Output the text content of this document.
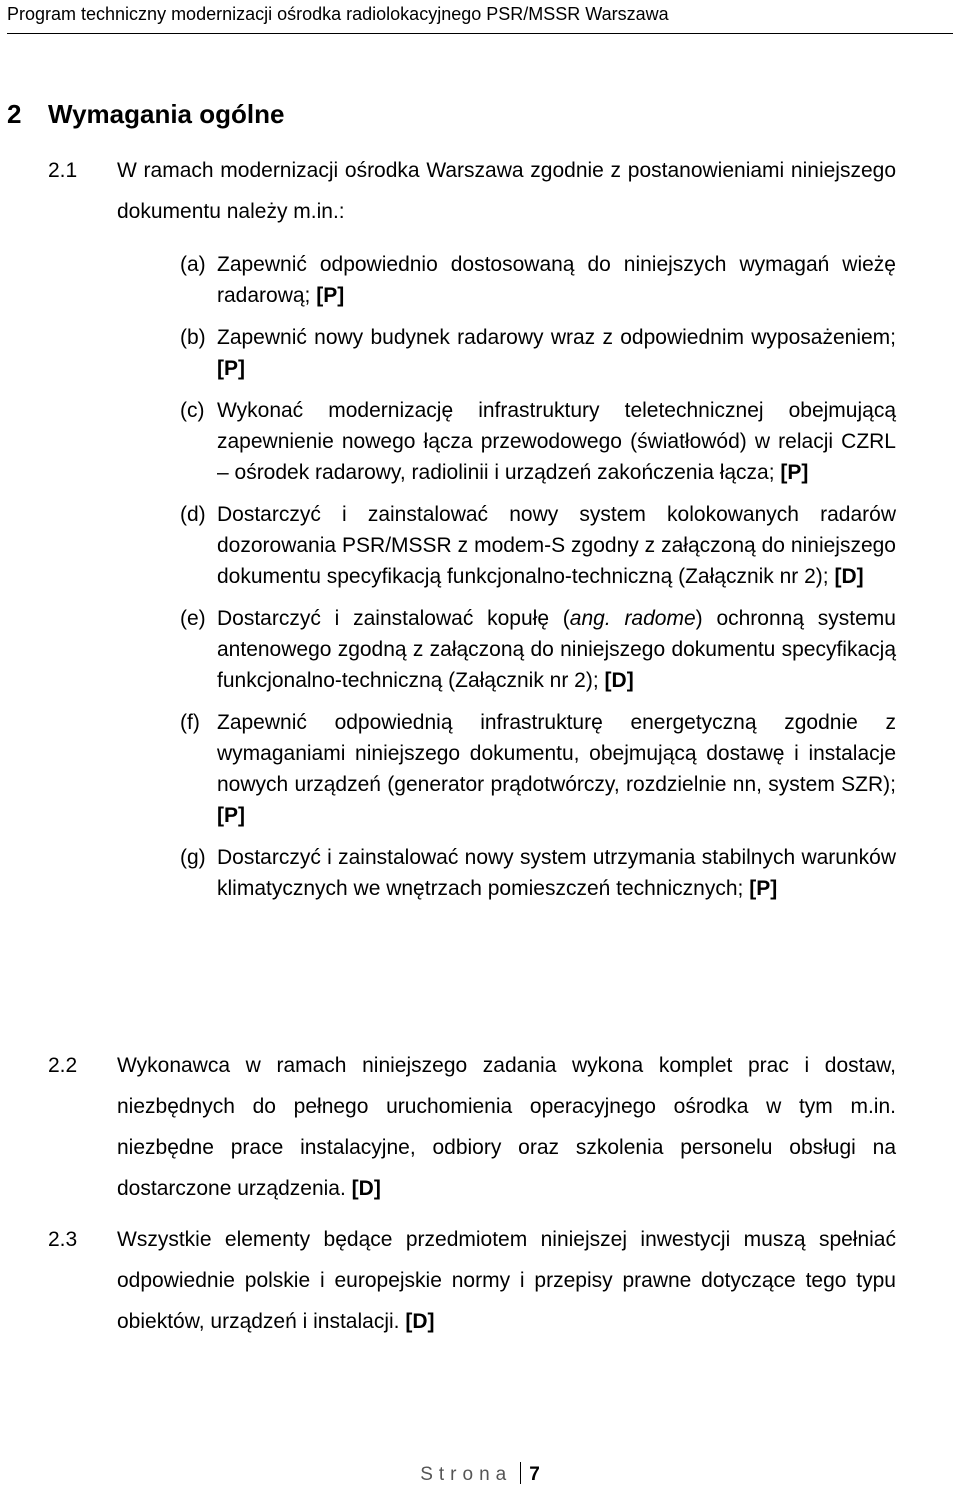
Program techniczny modernizacji ośrodka radiolokacyjnego PSR/MSSR Warszawa
2 Wymagania ogólne
2.1 W ramach modernizacji ośrodka Warszawa zgodnie z postanowieniami niniejszego dokumentu należy m.in.:
(a) Zapewnić odpowiednio dostosowaną do niniejszych wymagań wieżę radarową; [P]
(b) Zapewnić nowy budynek radarowy wraz z odpowiednim wyposażeniem; [P]
(c) Wykonać modernizację infrastruktury teletechnicznej obejmującą zapewnienie nowego łącza przewodowego (światłowód) w relacji CZRL – ośrodek radarowy, radiolinii i urządzeń zakończenia łącza; [P]
(d) Dostarczyć i zainstalować nowy system kolokowanych radarów dozorowania PSR/MSSR z modem-S zgodny z załączoną do niniejszego dokumentu specyfikacją funkcjonalno-techniczną (Załącznik nr 2); [D]
(e) Dostarczyć i zainstalować kopułę (ang. radome) ochronną systemu antenowego zgodną z załączoną do niniejszego dokumentu specyfikacją funkcjonalno-techniczną (Załącznik nr 2); [D]
(f) Zapewnić odpowiednią infrastrukturę energetyczną zgodnie z wymaganiami niniejszego dokumentu, obejmującą dostawę i instalacje nowych urządzeń (generator prądotwórczy, rozdzielnie nn, system SZR); [P]
(g) Dostarczyć i zainstalować nowy system utrzymania stabilnych warunków klimatycznych we wnętrzach pomieszczeń technicznych; [P]
2.2 Wykonawca w ramach niniejszego zadania wykona komplet prac i dostaw, niezbędnych do pełnego uruchomienia operacyjnego ośrodka w tym m.in. niezbędne prace instalacyjne, odbiory oraz szkolenia personelu obsługi na dostarczone urządzenia. [D]
2.3 Wszystkie elementy będące przedmiotem niniejszej inwestycji muszą spełniać odpowiednie polskie i europejskie normy i przepisy prawne dotyczące tego typu obiektów, urządzeń i instalacji. [D]
Strona 7
